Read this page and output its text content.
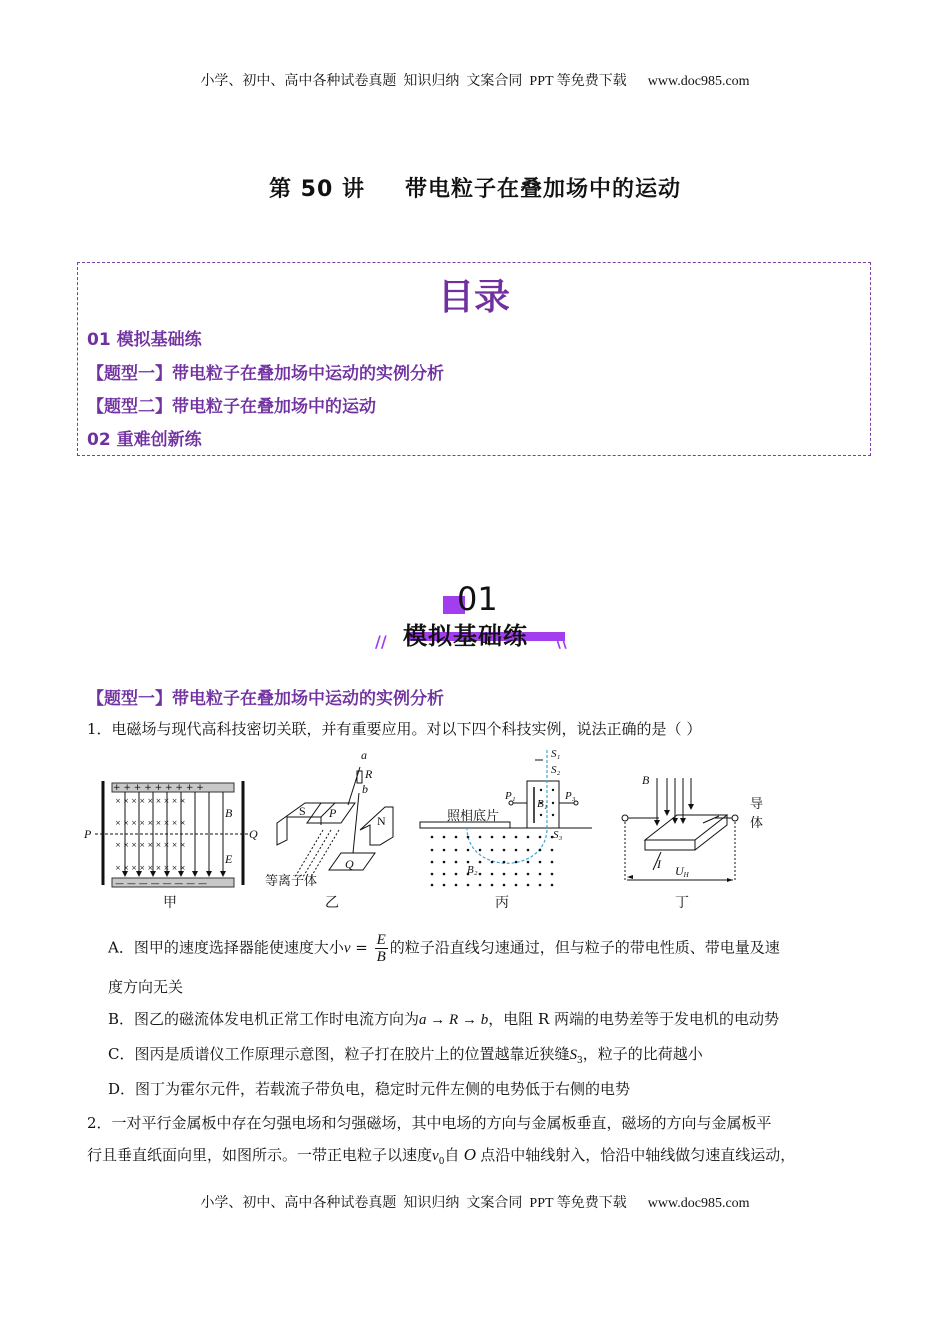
小学、初中、高中各种试卷真题  知识归纳  文案合同  PPT 等免费下载      www.doc985.com
第 50 讲 带电粒子在叠加场中的运动
目录
01 模拟基础练
【题型一】带电粒子在叠加场中运动的实例分析
【题型二】带电粒子在叠加场中的运动
02 重难创新练
01
模拟基础练
//	\\
【题型一】带电粒子在叠加场中运动的实例分析
1．电磁场与现代高科技密切关联，并有重要应用。对以下四个科技实例，说法正确的是（ ）
× × × × × × × × ×
× × × × × × × × ×
× × × × × × × × ×
× × × × × × × × ×
+ + + + + + + + +
— — — — — — — —
B
E
P	Q
甲
S P
N
Q
R
a
b
等离子体
乙
S₁
S₂
P₁	P₃
B₁
S₃
B₂
照相底片
丙
B
I UH
导体
丁
A．图甲的速度选择器能使速度大小$v = \frac{E}{B}$ 的粒子沿直线匀速通过，但与粒子的带电性质、带电量及速
度方向无关
B．图乙的磁流体发电机正常工作时电流方向为a → R → b，电阻 R 两端的电势差等于发电机的电动势
C．图丙是质谱仪工作原理示意图，粒子打在胶片上的位置越靠近狭缝$S_3$，粒子的比荷越小
D．图丁为霍尔元件，若载流子带负电，稳定时元件左侧的电势低于右侧的电势
2．一对平行金属板中存在匀强电场和匀强磁场，其中电场的方向与金属板垂直，磁场的方向与金属板平
行且垂直纸面向里，如图所示。一带正电粒子以速度$v_0$自 O 点沿中轴线射入，恰沿中轴线做匀速直线运动，
小学、初中、高中各种试卷真题  知识归纳  文案合同  PPT 等免费下载      www.doc985.com
